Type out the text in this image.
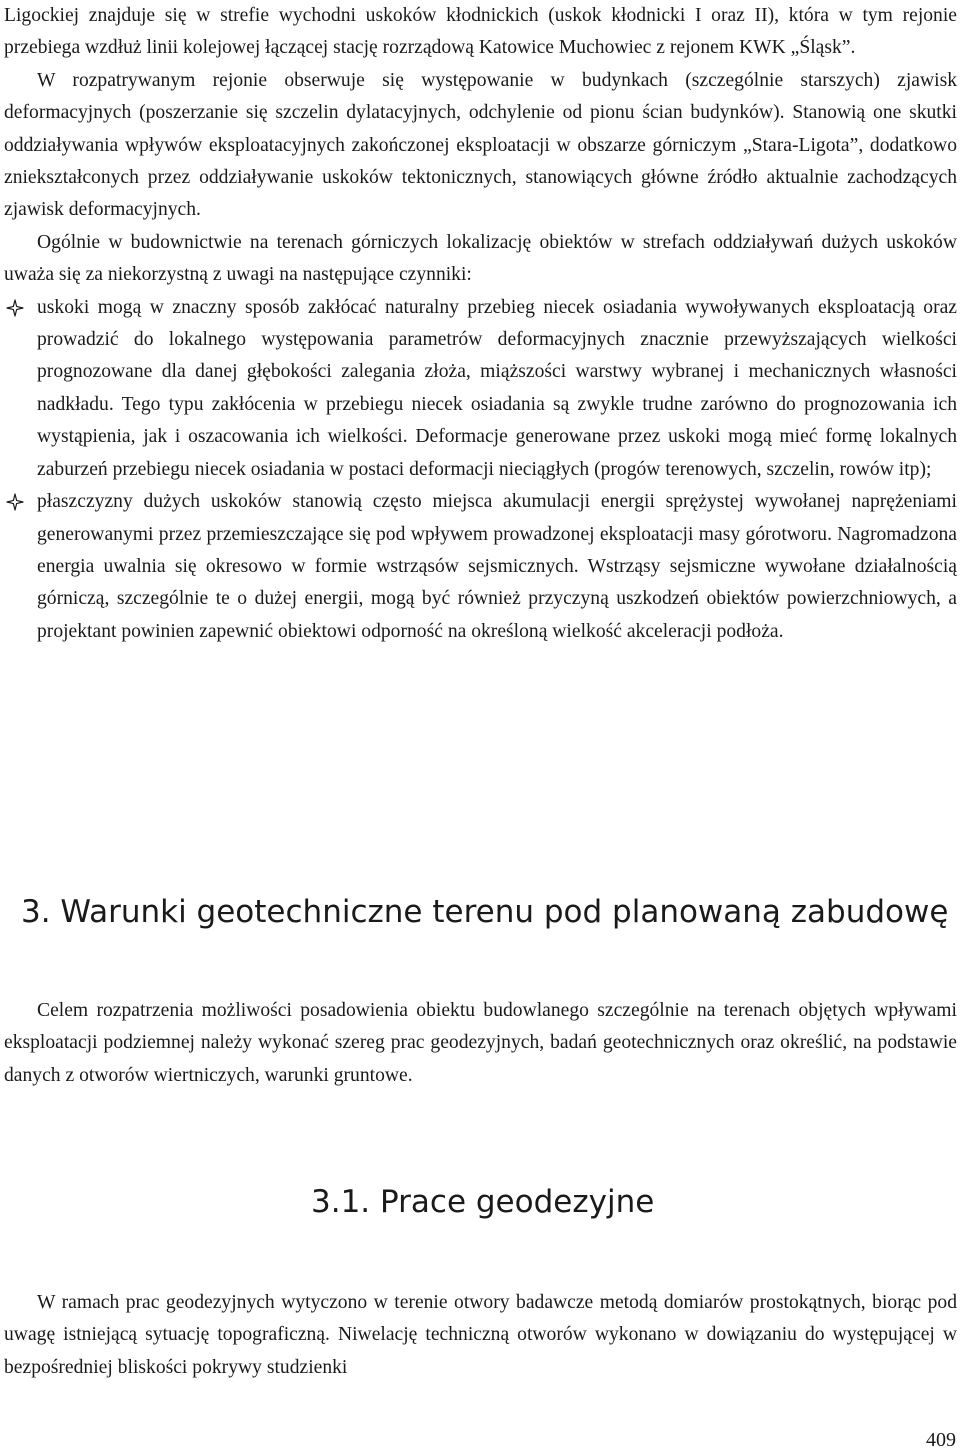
Ligockiej znajduje się w strefie wychodni uskoków kłodnickich (uskok kłodnicki I oraz II), która w tym rejonie przebiega wzdłuż linii kolejowej łączącej stację rozrządową Katowice Muchowiec z rejonem KWK „Śląsk”.

W rozpatrywanym rejonie obserwuje się występowanie w budynkach (szczególnie starszych) zjawisk deformacyjnych (poszerzanie się szczelin dylatacyjnych, odchylenie od pionu ścian budynków). Stanowią one skutki oddziaływania wpływów eksploatacyjnych zakończonej eksploatacji w obszarze górniczym „Stara-Ligota”, dodatkowo zniekształconych przez oddziaływanie uskoków tektonicznych, stanowiących główne źródło aktualnie zachodzących zjawisk deformacyjnych.

Ogólnie w budownictwie na terenach górniczych lokalizację obiektów w strefach oddziaływań dużych uskoków uważa się za niekorzystną z uwagi na następujące czynniki:

uskoki mogą w znaczny sposób zakłócać naturalny przebieg niecek osiadania wywoływanych eksploatacją oraz prowadzić do lokalnego występowania parametrów deformacyjnych znacznie przewyższających wielkości prognozowane dla danej głębokości zalegania złoża, miąższości warstwy wybranej i mechanicznych własności nadkładu. Tego typu zakłócenia w przebiegu niecek osiadania są zwykle trudne zarówno do prognozowania ich wystąpienia, jak i oszacowania ich wielkości. Deformacje generowane przez uskoki mogą mieć formę lokalnych zaburzeń przebiegu niecek osiadania w postaci deformacji nieciągłych (progów terenowych, szczelin, rowów itp);
płaszczyzny dużych uskoków stanowią często miejsca akumulacji energii sprężystej wywołanej naprężeniami generowanymi przez przemieszczające się pod wpływem prowadzonej eksploatacji masy górotworu. Nagromadzona energia uwalnia się okresowo w formie wstrząsów sejsmicznych. Wstrząsy sejsmiczne wywołane działalnością górniczą, szczególnie te o dużej energii, mogą być również przyczyną uszkodzeń obiektów powierzchniowych, a projektant powinien zapewnić obiektowi odporność na określoną wielkość akceleracji podłoża.
3. Warunki geotechniczne terenu pod planowaną zabudowę

Celem rozpatrzenia możliwości posadowienia obiektu budowlanego szczególnie na terenach objętych wpływami eksploatacji podziemnej należy wykonać szereg prac geodezyjnych, badań geotechnicznych oraz określić, na podstawie danych z otworów wiertniczych, warunki gruntowe.

3.1. Prace geodezyjne

W ramach prac geodezyjnych wytyczono w terenie otwory badawcze metodą domiarów prostokątnych, biorąc pod uwagę istniejącą sytuację topograficzną. Niwelację techniczną otworów wykonano w dowiązaniu do występującej w bezpośredniej bliskości pokrywy studzienki

409
